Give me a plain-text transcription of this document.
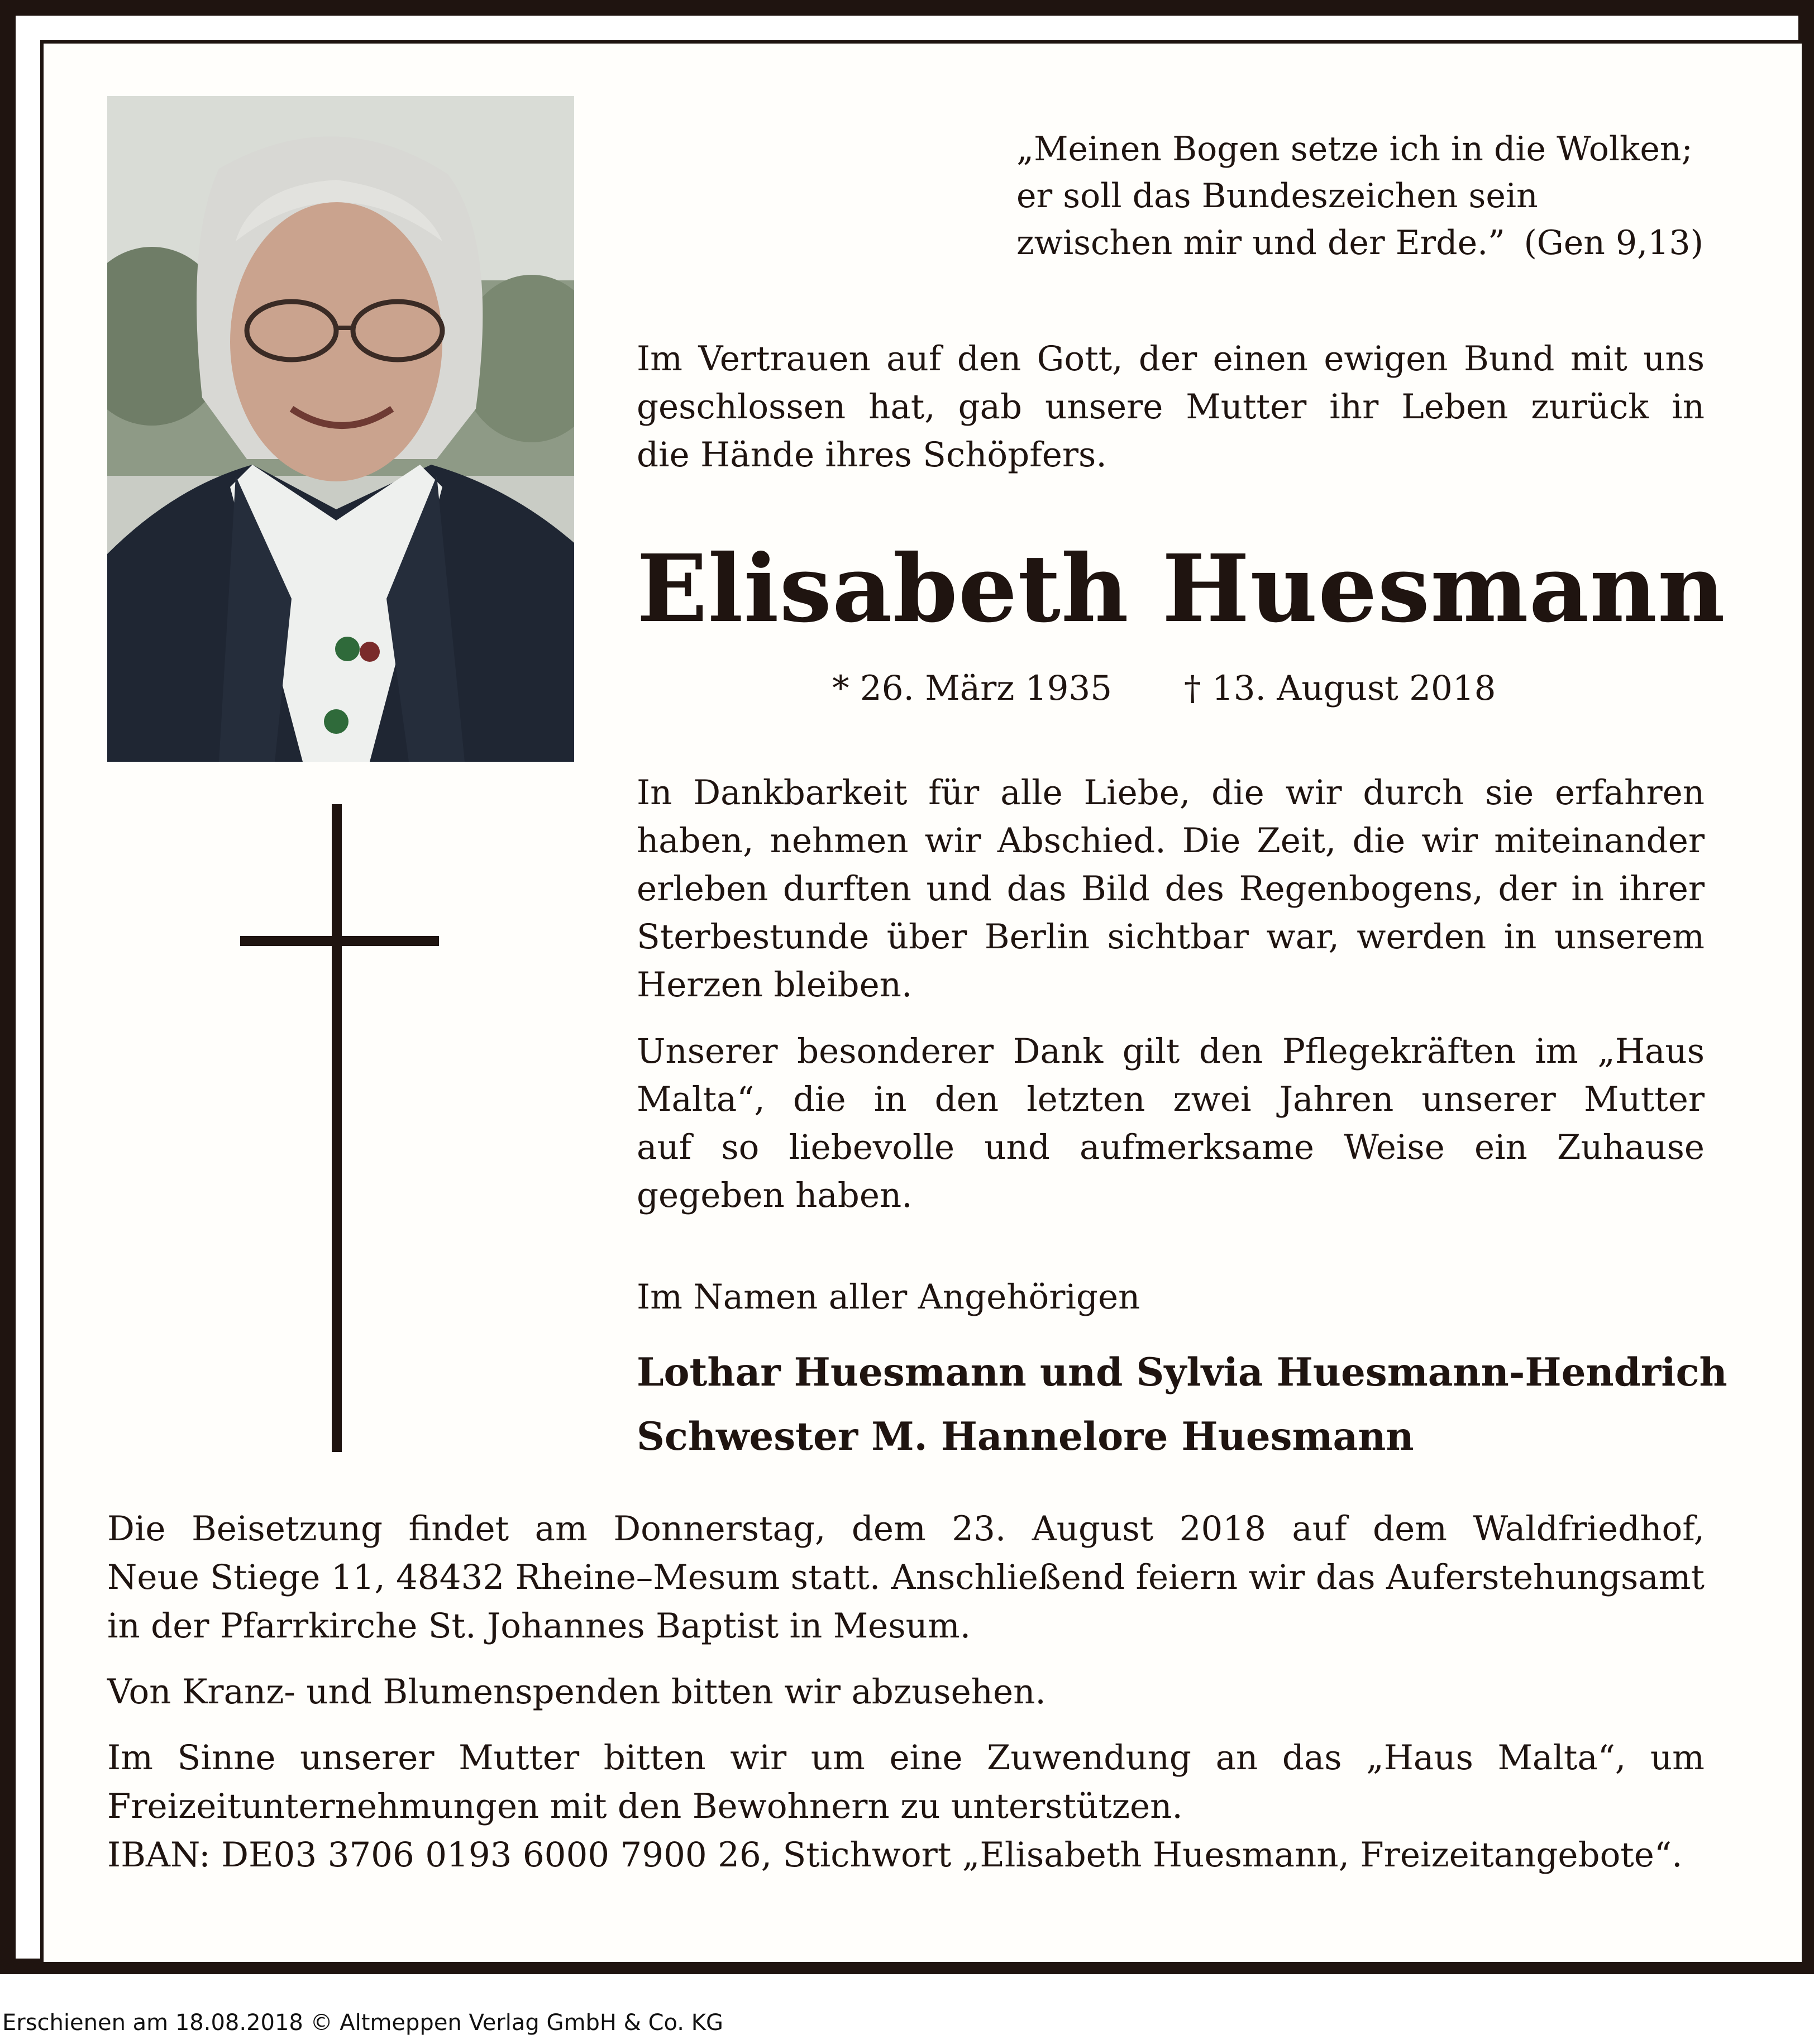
„Meinen Bogen setze ich in die Wolken;
er soll das Bundeszeichen sein
zwischen mir und der Erde.” (Gen 9,13)
Im Vertrauen auf den Gott, der einen ewigen Bund mit uns
geschlossen hat, gab unsere Mutter ihr Leben zurück in
die Hände ihres Schöpfers.
Elisabeth Huesmann
* 26. März 1935 † 13. August 2018
In Dankbarkeit für alle Liebe, die wir durch sie erfahren
haben, nehmen wir Abschied. Die Zeit, die wir miteinander
erleben durften und das Bild des Regenbogens, der in ihrer
Sterbestunde über Berlin sichtbar war, werden in unserem
Herzen bleiben.
Unserer besonderer Dank gilt den Pflegekräften im „Haus
Malta“, die in den letzten zwei Jahren unserer Mutter
auf so liebevolle und aufmerksame Weise ein Zuhause
gegeben haben.
Im Namen aller Angehörigen
Lothar Huesmann und Sylvia Huesmann-Hendrich
Schwester M. Hannelore Huesmann
Die Beisetzung findet am Donnerstag, dem 23. August 2018 auf dem Waldfriedhof,
Neue Stiege 11, 48432 Rheine–Mesum statt. Anschließend feiern wir das Auferstehungsamt
in der Pfarrkirche St. Johannes Baptist in Mesum.
Von Kranz- und Blumenspenden bitten wir abzusehen.
Im Sinne unserer Mutter bitten wir um eine Zuwendung an das „Haus Malta“, um
Freizeitunternehmungen mit den Bewohnern zu unterstützen.
IBAN: DE03 3706 0193 6000 7900 26, Stichwort „Elisabeth Huesmann, Freizeitangebote“.
Erschienen am 18.08.2018 © Altmeppen Verlag GmbH & Co. KG
